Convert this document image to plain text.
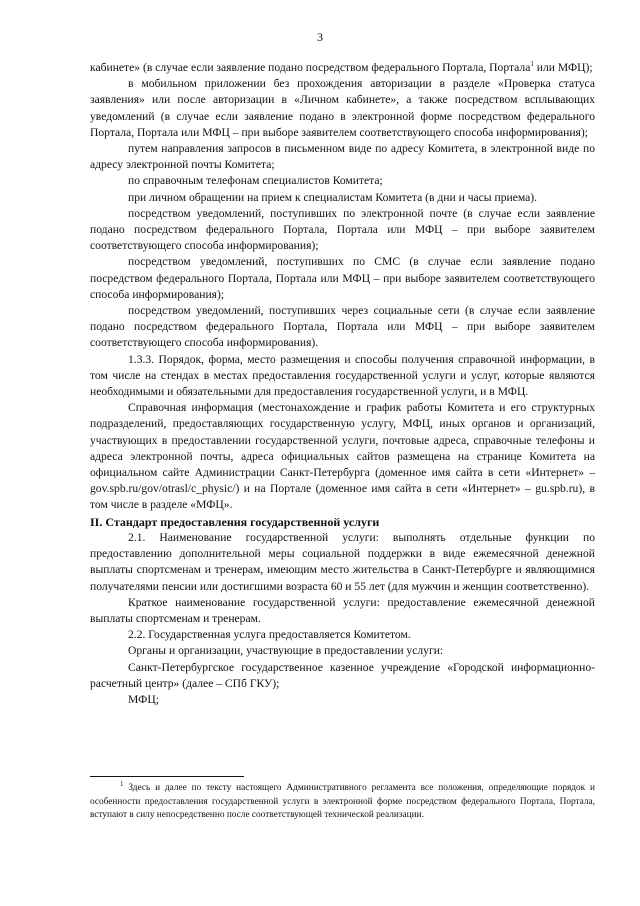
3

кабинете» (в случае если заявление подано посредством федерального Портала, Портала$^1$ или МФЦ);

в мобильном приложении без прохождения авторизации в разделе «Проверка статуса заявления» или после авторизации в «Личном кабинете», а также посредством всплывающих уведомлений (в случае если заявление подано в электронной форме посредством федерального Портала, Портала или МФЦ – при выборе заявителем соответствующего способа информирования);

путем направления запросов в письменном виде по адресу Комитета, в электронной виде по адресу электронной почты Комитета;

по справочным телефонам специалистов Комитета;

при личном обращении на прием к специалистам Комитета (в дни и часы приема).

посредством уведомлений, поступивших по электронной почте (в случае если заявление подано посредством федерального Портала, Портала или МФЦ – при выборе заявителем соответствующего способа информирования);

посредством уведомлений, поступивших по СМС (в случае если заявление подано посредством федерального Портала, Портала или МФЦ – при выборе заявителем соответствующего способа информирования);

посредством уведомлений, поступивших через социальные сети (в случае если заявление подано посредством федерального Портала, Портала или МФЦ – при выборе заявителем соответствующего способа информирования).

1.3.3. Порядок, форма, место размещения и способы получения справочной информации, в том числе на стендах в местах предоставления государственной услуги и услуг, которые являются необходимыми и обязательными для предоставления государственной услуги, и в МФЦ.

Справочная информация (местонахождение и график работы Комитета и его структурных подразделений, предоставляющих государственную услугу, МФЦ, иных органов и организаций, участвующих в предоставлении государственной услуги, почтовые адреса, справочные телефоны и адреса электронной почты, адреса официальных сайтов размещена на странице Комитета на официальном сайте Администрации Санкт-Петербурга (доменное имя сайта в сети «Интернет» – gov.spb.ru/gov/otrasl/c_physic/) и на Портале (доменное имя сайта в сети «Интернет» – gu.spb.ru), в том числе в разделе «МФЦ».

II. Стандарт предоставления государственной услуги

2.1. Наименование государственной услуги: выполнять отдельные функции по предоставлению дополнительной меры социальной поддержки в виде ежемесячной денежной выплаты спортсменам и тренерам, имеющим место жительства в Санкт-Петербурге и являющимися получателями пенсии или достигшими возраста 60 и 55 лет (для мужчин и женщин соответственно).

Краткое наименование государственной услуги: предоставление ежемесячной денежной выплаты спортсменам и тренерам.

2.2. Государственная услуга предоставляется Комитетом.

Органы и организации, участвующие в предоставлении услуги:

Санкт-Петербургское государственное казенное учреждение «Городской информационно-расчетный центр» (далее – СПб ГКУ);

МФЦ;

$^1$ Здесь и далее по тексту настоящего Административного регламента все положения, определяющие порядок и особенности предоставления государственной услуги в электронной форме посредством федерального Портала, Портала, вступают в силу непосредственно после соответствующей технической реализации.
